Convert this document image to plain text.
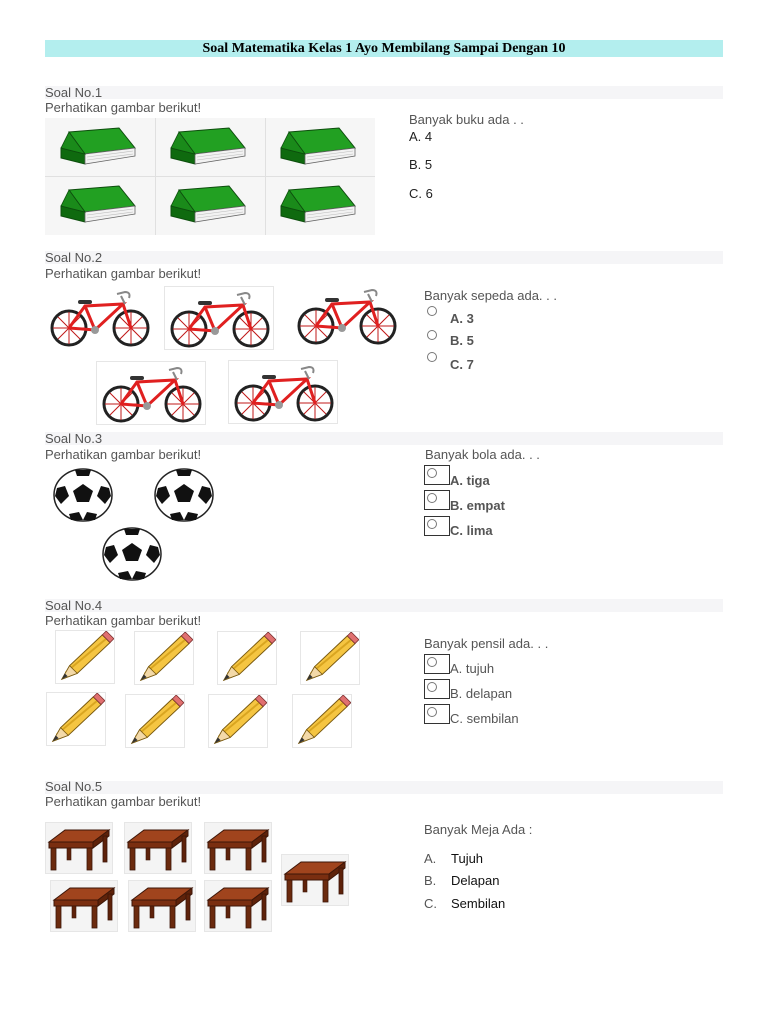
Soal Matematika Kelas 1 Ayo Membilang Sampai Dengan 10
Soal No.1
Perhatikan gambar berikut!
Banyak buku ada . .
A. 4
B. 5
C. 6
Soal No.2
Perhatikan gambar berikut!
Banyak sepeda ada. . .
A. 3
B. 5
C. 7
Soal No.3
Perhatikan gambar berikut!	Banyak bola ada. . .
A. tiga
B. empat
C. lima
Soal No.4
Perhatikan gambar berikut!
Banyak pensil ada. . .
A. tujuh
B. delapan
C. sembilan
Soal No.5
Perhatikan gambar berikut!
Banyak Meja Ada :
A. Tujuh
B. Delapan
C. Sembilan
